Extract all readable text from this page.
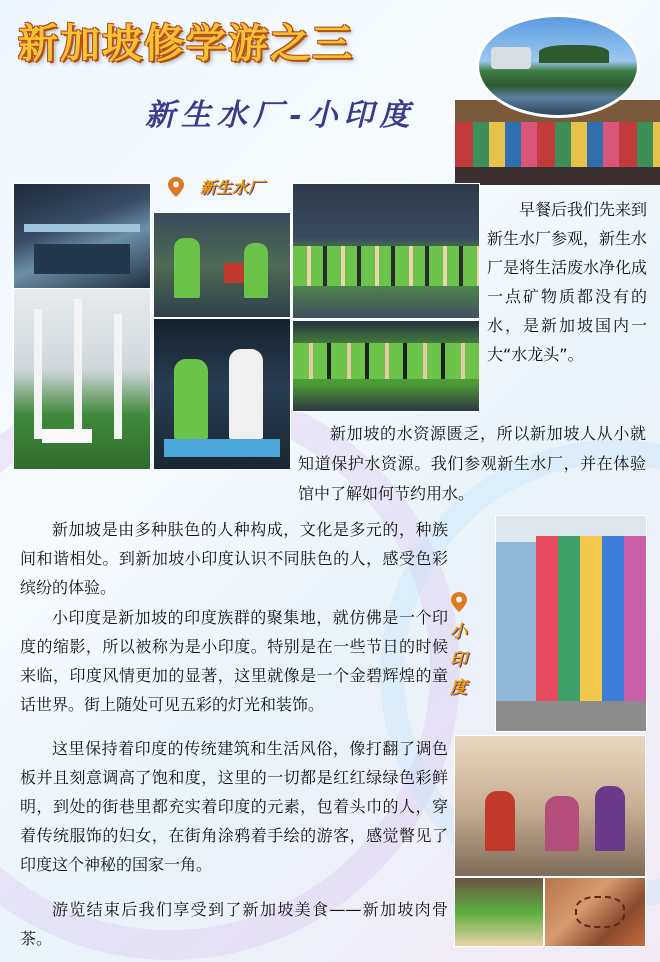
新加坡修学游之三
新生水厂-小印度
新生水厂

早餐后我们先来到新生水厂参观，新生水厂是将生活废水净化成一点矿物质都没有的水，是新加坡国内一大“水龙头”。

新加坡的水资源匮乏，所以新加坡人从小就知道保护水资源。我们参观新生水厂，并在体验馆中了解如何节约用水。

新加坡是由多种肤色的人种构成，文化是多元的，种族间和谐相处。到新加坡小印度认识不同肤色的人，感受色彩缤纷的体验。

小印度是新加坡的印度族群的聚集地，就仿佛是一个印度的缩影，所以被称为是小印度。特别是在一些节日的时候来临，印度风情更加的显著，这里就像是一个金碧辉煌的童话世界。街上随处可见五彩的灯光和装饰。

这里保持着印度的传统建筑和生活风俗，像打翻了调色板并且刻意调高了饱和度，这里的一切都是红红绿绿色彩鲜明，到处的街巷里都充实着印度的元素，包着头巾的人，穿着传统服饰的妇女，在街角涂鸦着手绘的游客，感觉瞥见了印度这个神秘的国家一角。

游览结束后我们享受到了新加坡美食——新加坡肉骨茶。

小印度
